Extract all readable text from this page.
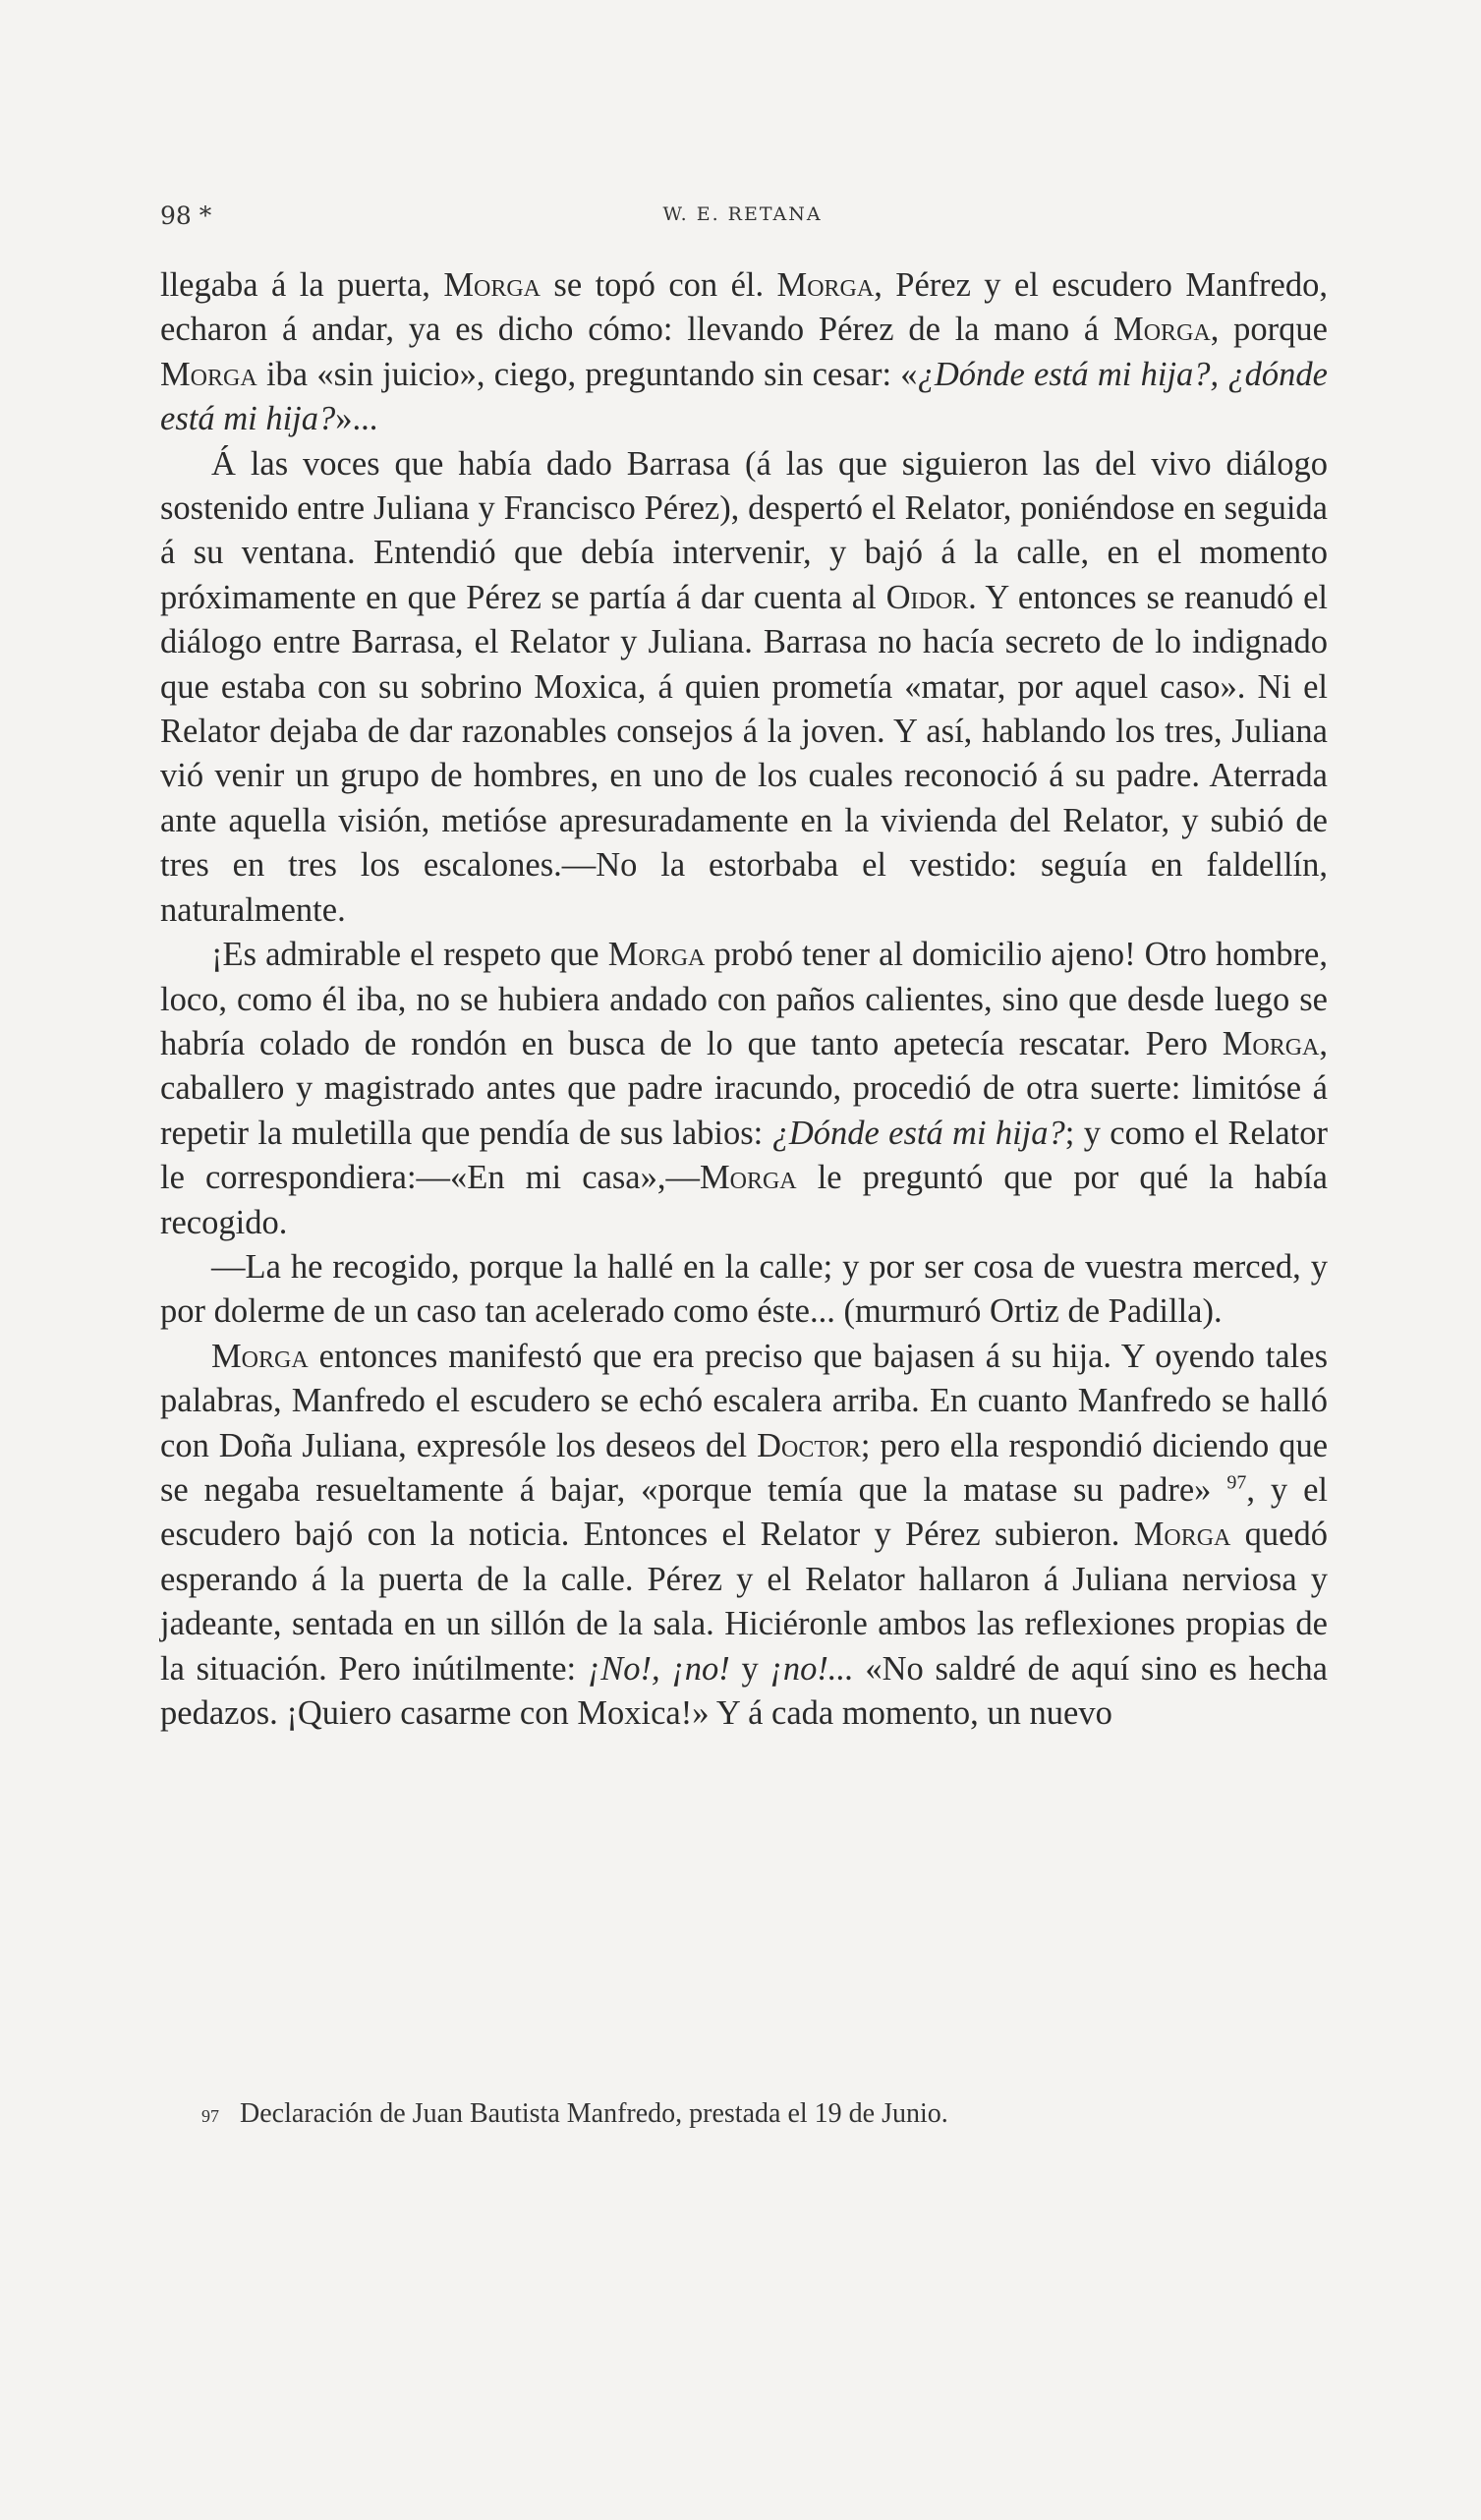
98 *	W. E. RETANA

llegaba á la puerta, Morga se topó con él. Morga, Pérez y el escudero Manfredo, echaron á andar, ya es dicho cómo: llevando Pérez de la mano á Morga, porque Morga iba «sin juicio», ciego, preguntando sin cesar: «¿Dónde está mi hija?, ¿dónde está mi hija?»...

Á las voces que había dado Barrasa (á las que siguieron las del vivo diálogo sostenido entre Juliana y Francisco Pérez), despertó el Relator, poniéndose en seguida á su ventana. Entendió que debía intervenir, y bajó á la calle, en el momento próximamente en que Pérez se partía á dar cuenta al Oidor. Y entonces se reanudó el diálogo entre Barrasa, el Relator y Juliana. Barrasa no hacía secreto de lo indignado que estaba con su sobrino Moxica, á quien prometía «matar, por aquel caso». Ni el Relator dejaba de dar razonables consejos á la joven. Y así, hablando los tres, Juliana vió venir un grupo de hombres, en uno de los cuales reconoció á su padre. Aterrada ante aquella visión, metióse apresuradamente en la vivienda del Relator, y subió de tres en tres los escalones.—No la estorbaba el vestido: seguía en faldellín, naturalmente.

¡Es admirable el respeto que Morga probó tener al domicilio ajeno! Otro hombre, loco, como él iba, no se hubiera andado con paños calientes, sino que desde luego se habría colado de rondón en busca de lo que tanto apetecía rescatar. Pero Morga, caballero y magistrado antes que padre iracundo, procedió de otra suerte: limitóse á repetir la muletilla que pendía de sus labios: ¿Dónde está mi hija?; y como el Relator le correspondiera:—«En mi casa»,—Morga le preguntó que por qué la había recogido.

—La he recogido, porque la hallé en la calle; y por ser cosa de vuestra merced, y por dolerme de un caso tan acelerado como éste... (murmuró Ortiz de Padilla).

Morga entonces manifestó que era preciso que bajasen á su hija. Y oyendo tales palabras, Manfredo el escudero se echó escalera arriba. En cuanto Manfredo se halló con Doña Juliana, expresóle los deseos del Doctor; pero ella respondió diciendo que se negaba resueltamente á bajar, «porque temía que la matase su padre» $^{97}$, y el escudero bajó con la noticia. Entonces el Relator y Pérez subieron. Morga quedó esperando á la puerta de la calle. Pérez y el Relator hallaron á Juliana nerviosa y jadeante, sentada en un sillón de la sala. Hiciéronle ambos las reflexiones propias de la situación. Pero inútilmente: ¡No!, ¡no! y ¡no!... «No saldré de aquí sino es hecha pedazos. ¡Quiero casarme con Moxica!» Y á cada momento, un nuevo

97 Declaración de Juan Bautista Manfredo, prestada el 19 de Junio.
